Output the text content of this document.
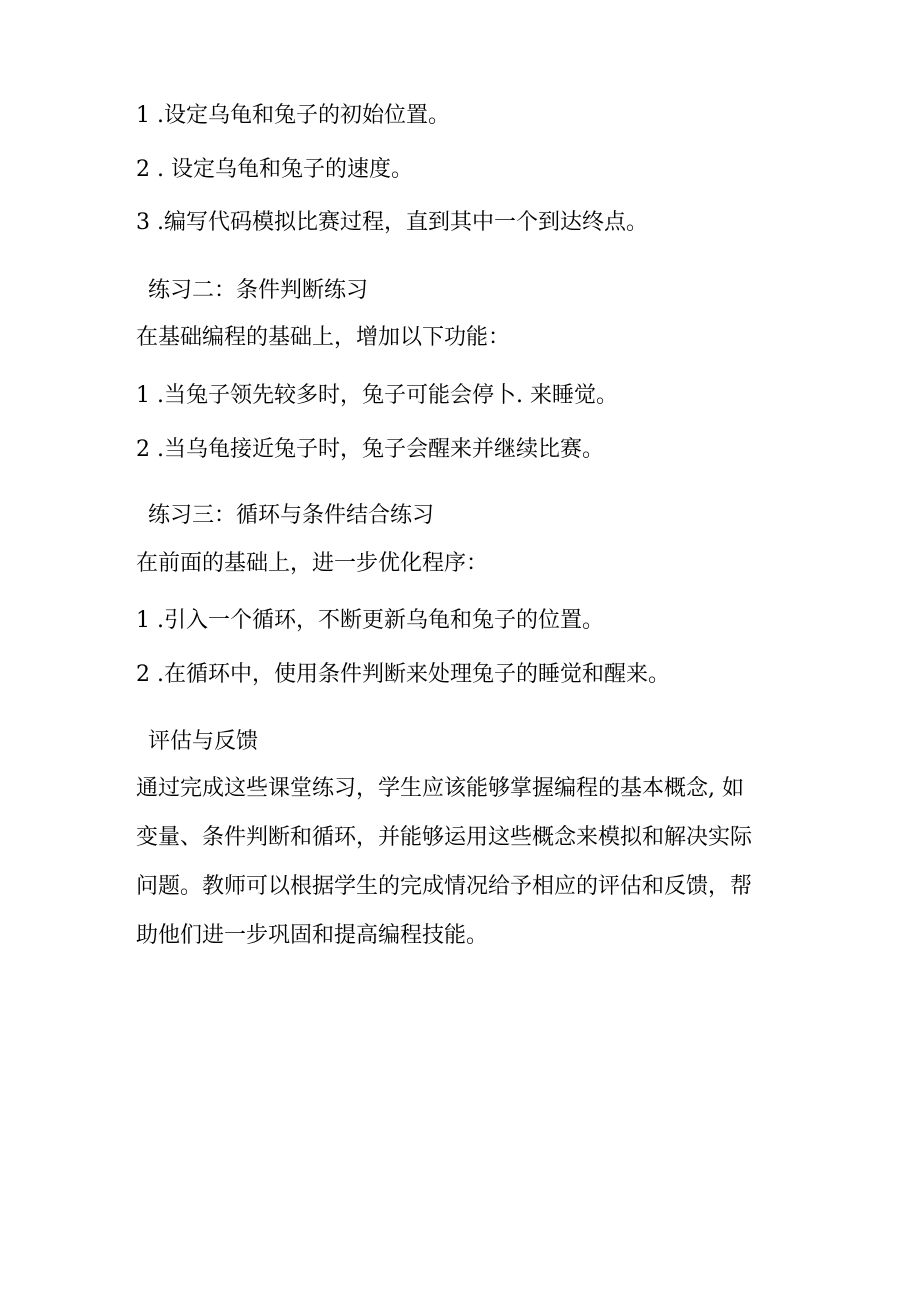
1 .设定乌龟和兔子的初始位置。
2 . 设定乌龟和兔子的速度。
3 .编写代码模拟比赛过程，直到其中一个到达终点。
练习二：条件判断练习
在基础编程的基础上，增加以下功能：
1 .当兔子领先较多时，兔子可能会停卜. 来睡觉。
2 .当乌龟接近兔子时，兔子会醒来并继续比赛。
练习三：循环与条件结合练习
在前面的基础上，进一步优化程序：
1 .引入一个循环，不断更新乌龟和兔子的位置。
2 .在循环中，使用条件判断来处理兔子的睡觉和醒来。
评估与反馈
通过完成这些课堂练习，学生应该能够掌握编程的基本概念, 如
变量、条件判断和循环，并能够运用这些概念来模拟和解决实际
问题。教师可以根据学生的完成情况给予相应的评估和反馈，帮
助他们进一步巩固和提高编程技能。
